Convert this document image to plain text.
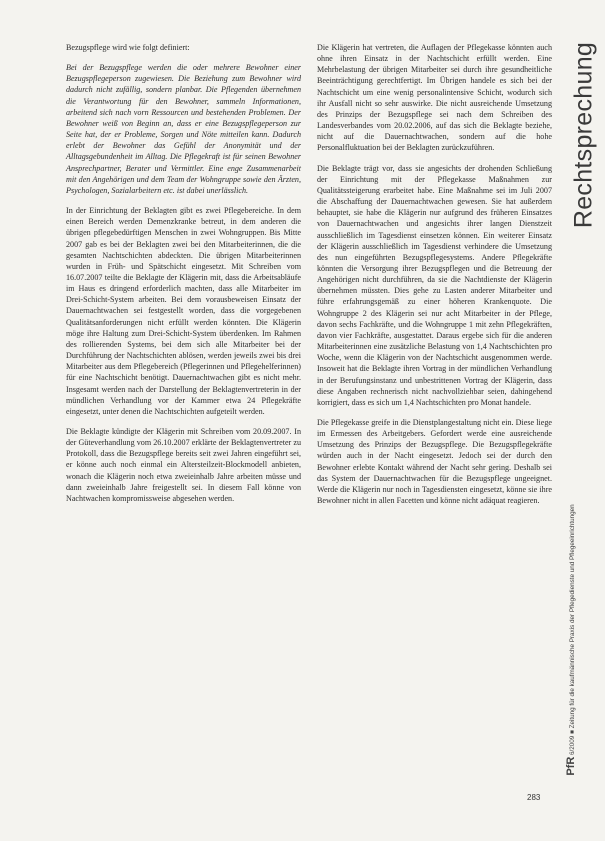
Bezugspflege wird wie folgt definiert:

Bei der Bezugspflege werden die oder mehrere Bewohner einer Bezugspflegeperson zugewiesen. Die Beziehung zum Bewohner wird dadurch nicht zufällig, sondern planbar. Die Pflegenden übernehmen die Verantwortung für den Bewohner, sammeln Informationen, arbeitend sich nach vorn Ressourcen und bestehenden Problemen. Der Bewohner weiß von Beginn an, dass er eine Bezugspflegeperson zur Seite hat, der er Probleme, Sorgen und Nöte mitteilen kann. Dadurch erlebt der Bewohner das Gefühl der Anonymität und der Alltagsgebundenheit im Alltag. Die Pflegekraft ist für seinen Bewohner Ansprechpartner, Berater und Vermittler. Eine enge Zusammenarbeit mit den Angehörigen und dem Team der Wohngruppe sowie den Ärzten, Psychologen, Sozialarbeitern etc. ist dabei unerlässlich.

In der Einrichtung der Beklagten gibt es zwei Pflegebereiche. In dem einen Bereich werden Demenzkranke betreut, in dem anderen die übrigen pflegebedürftigen Menschen in zwei Wohngruppen. Bis Mitte 2007 gab es bei der Beklagten zwei bei den Mitarbeiterinnen, die die gesamten Nachtschichten abdeckten. Die übrigen Mitarbeiterinnen wurden in Früh- und Spätschicht eingesetzt. Mit Schreiben vom 16.07.2007 teilte die Beklagte der Klägerin mit, dass die Arbeitsabläufe im Haus es dringend erforderlich machten, dass alle Mitarbeiter im Drei-Schicht-System arbeiten. Bei dem vorausbeweisen Einsatz der Dauernachtwachen sei festgestellt worden, dass die vorgegebenen Qualitätsanforderungen nicht erfüllt werden könnten. Die Klägerin möge ihre Haltung zum Drei-Schicht-System überdenken. Im Rahmen des rollierenden Systems, bei dem sich alle Mitarbeiter bei der Durchführung der Nachtschichten ablösen, werden jeweils zwei bis drei Mitarbeiter aus dem Pflegebereich (Pflegerinnen und Pflegehelferinnen) für eine Nachtschicht benötigt. Dauernachtwachen gibt es nicht mehr. Insgesamt werden nach der Darstellung der Beklagtenvertreterin in der mündlichen Verhandlung vor der Kammer etwa 24 Pflegekräfte eingesetzt, unter denen die Nachtschichten aufgeteilt werden.

Die Beklagte kündigte der Klägerin mit Schreiben vom 20.09.2007. In der Güteverhandlung vom 26.10.2007 erklärte der Beklagtenvertreter zu Protokoll, dass die Bezugspflege bereits seit zwei Jahren eingeführt sei, er könne auch noch einmal ein Altersteilzeit-Blockmodell anbieten, wonach die Klägerin noch etwa zweieinhalb Jahre arbeiten müsse und dann zweieinhalb Jahre freigestellt sei. In diesem Fall könne von Nachtwachen kompromissweise abgesehen werden.

Die Klägerin hat vertreten, die Auflagen der Pflegekasse könnten auch ohne ihren Einsatz in der Nachtschicht erfüllt werden. Eine Mehrbelastung der übrigen Mitarbeiter sei durch ihre gesundheitliche Beeinträchtigung gerechtfertigt. Im Übrigen handele es sich bei der Nachtschicht um eine wenig personalintensive Schicht, wodurch sich ihr Ausfall nicht so sehr auswirke. Die nicht ausreichende Umsetzung des Prinzips der Bezugspflege sei nach dem Schreiben des Landesverbandes vom 20.02.2006, auf das sich die Beklagte beziehe, nicht auf die Dauernachtwachen, sondern auf die hohe Personalfluktuation bei der Beklagten zurückzuführen.

Die Beklagte trägt vor, dass sie angesichts der drohenden Schließung der Einrichtung mit der Pflegekasse Maßnahmen zur Qualitätssteigerung erarbeitet habe. Eine Maßnahme sei im Juli 2007 die Abschaffung der Dauernachtwachen gewesen. Sie hat außerdem behauptet, sie habe die Klägerin nur aufgrund des früheren Einsatzes von Dauernachtwachen und angesichts ihrer langen Dienstzeit ausschließlich im Tagesdienst einsetzen können. Ein weiterer Einsatz der Klägerin ausschließlich im Tagesdienst verhindere die Umsetzung des nun eingeführten Bezugspflegesystems. Andere Pflegekräfte könnten die Versorgung ihrer Bezugspflegen und die Betreuung der Angehörigen nicht durchführen, da sie die Nachtdienste der Klägerin übernehmen müssten. Dies gehe zu Lasten anderer Mitarbeiter und führe erfahrungsgemäß zu einer höheren Krankenquote. Die Wohngruppe 2 des Klägerin sei nur acht Mitarbeiter in der Pflege, davon sechs Fachkräfte, und die Wohngruppe 1 mit zehn Pflegekräften, davon vier Fachkräfte, ausgestattet. Daraus ergebe sich für die anderen Mitarbeiterinnen eine zusätzliche Belastung von 1,4 Nachtschichten pro Woche, wenn die Klägerin von der Nachtschicht ausgenommen werde. Insoweit hat die Beklagte ihren Vortrag in der mündlichen Verhandlung in der Berufungsinstanz und unbestrittenen Vortrag der Klägerin, dass diese Angaben rechnerisch nicht nachvollziehbar seien, dahingehend korrigiert, dass es sich um 1,4 Nachtschichten pro Monat handele.

Die Pflegekasse greife in die Dienstplangestaltung nicht ein. Diese liege im Ermessen des Arbeitgebers. Gefordert werde eine ausreichende Umsetzung des Prinzips der Bezugspflege. Die Bezugspflegekräfte würden auch in der Nacht eingesetzt. Jedoch sei der durch den Bewohner erlebte Kontakt während der Nacht sehr gering. Deshalb sei das System der Dauernachtwachen für die Bezugspflege ungeeignet. Werde die Klägerin nur noch in Tagesdiensten eingesetzt, könne sie ihre Bewohner nicht in allen Facetten und könne nicht adäquat reagieren.

Rechtsprechung
PfR 6/2009 ■ Zeitung für die kaufmännische Praxis der Pflegedienste und Pflegeeinrichtungen
283
